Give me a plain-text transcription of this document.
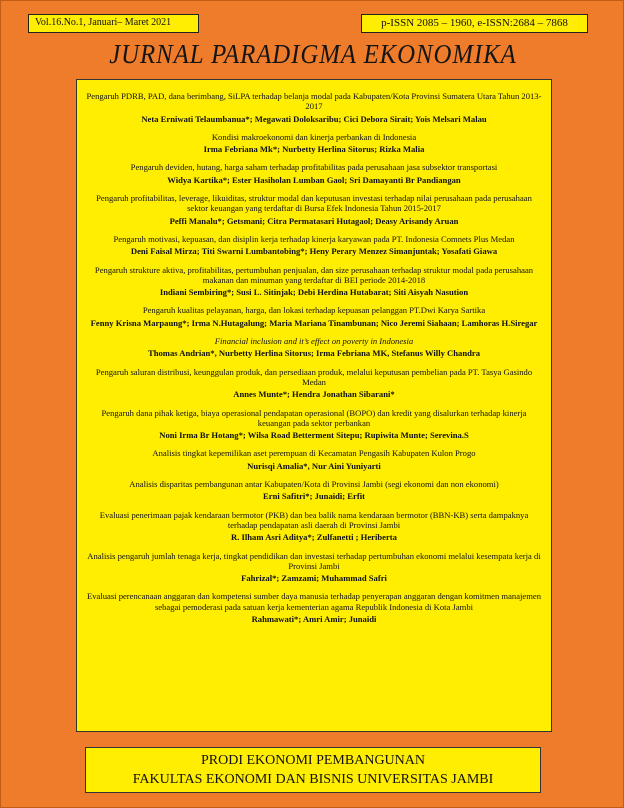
Vol.16.No.1, Januari– Maret 2021	p-ISSN 2085 – 1960, e-ISSN:2684 – 7868
JURNAL PARADIGMA EKONOMIKA
Pengaruh PDRB, PAD, dana berimbang, SiLPA terhadap belanja modal pada Kabupaten/Kota Provinsi Sumatera Utara Tahun 2013-2017
Neta Erniwati Telaumbanua*; Megawati Doloksaribu; Cici Debora Sirait; Yois Melsari Malau
Kondisi makroekonomi dan kinerja perbankan di Indonesia
Irma Febriana Mk*; Nurbetty Herlina Sitorus; Rizka Malia
Pengaruh deviden, hutang, harga saham terhadap profitabilitas pada perusahaan jasa subsektor transportasi
Widya Kartika*; Ester Hasiholan Lumban Gaol; Sri Damayanti Br Pandiangan
Pengaruh profitabilitas, leverage, likuiditas, struktur modal dan keputusan investasi terhadap nilai perusahaan pada perusahaan sektor keuangan yang terdaftar di Bursa Efek Indonesia Tahun 2015-2017
Peffi Manalu*; Getsmani; Citra Permatasari Hutagaol; Deasy Arisandy Aruan
Pengaruh motivasi, kepuasan, dan disiplin kerja terhadap kinerja karyawan pada PT. Indonesia Comnets Plus Medan
Deni Faisal Mirza; Titi Swarni Lumbantobing*; Heny Perary Menzez Simanjuntak; Yosafati Giawa
Pengaruh strukture aktiva, profitabilitas, pertumbuhan penjualan, dan size perusahaan terhadap struktur modal pada perusahaan makanan dan minuman yang terdaftar di BEI periode 2014-2018
Indiani Sembiring*; Susi L. Sitinjak; Debi Herdina Hutabarat; Siti Aisyah Nasution
Pengaruh kualitas pelayanan, harga, dan lokasi terhadap kepuasan pelanggan PT.Dwi Karya Sartika
Fenny Krisna Marpaung*; Irma N.Hutagalung; Maria Mariana Tinambunan; Nico Jeremi Siahaan; Lamhoras H.Siregar
Financial inclusion and it’s effect on poverty in Indonesia
Thomas Andrian*, Nurbetty Herlina Sitorus; Irma Febriana MK, Stefanus Willy Chandra
Pengaruh saluran distribusi, keunggulan produk, dan persediaan produk, melalui keputusan pembelian pada PT. Tasya Gasindo Medan
Annes Munte*; Hendra Jonathan Sibarani*
Pengaruh dana pihak ketiga, biaya operasional pendapatan operasional (BOPO) dan kredit yang disalurkan terhadap kinerja keuangan pada sektor perbankan
Noni Irma Br Hotang*; Wilsa Road Betterment Sitepu; Rupiwita Munte; Serevina.S
Analisis tingkat kepemilikan aset perempuan di Kecamatan Pengasih Kabupaten Kulon Progo
Nurisqi Amalia*, Nur Aini Yuniyarti
Analisis disparitas pembangunan antar Kabupaten/Kota di Provinsi Jambi (segi ekonomi dan non ekonomi)
Erni Safitri*; Junaidi; Erfit
Evaluasi penerimaan pajak kendaraan bermotor (PKB) dan bea balik nama kendaraan bermotor (BBN-KB) serta dampaknya terhadap pendapatan asli daerah di Provinsi Jambi
R. Ilham Asri Aditya*; Zulfanetti ; Heriberta
Analisis pengaruh jumlah tenaga kerja, tingkat pendidikan dan investasi terhadap pertumbuhan ekonomi melalui kesempata kerja di Provinsi Jambi
Fahrizal*; Zamzami; Muhammad Safri
Evaluasi perencanaan anggaran dan kompetensi sumber daya manusia terhadap penyerapan anggaran dengan komitmen manajemen sebagai pemoderasi pada satuan kerja kementerian agama Republik Indonesia di Kota Jambi
Rahmawati*; Amri Amir; Junaidi
PRODI EKONOMI PEMBANGUNAN
FAKULTAS EKONOMI DAN BISNIS UNIVERSITAS JAMBI
